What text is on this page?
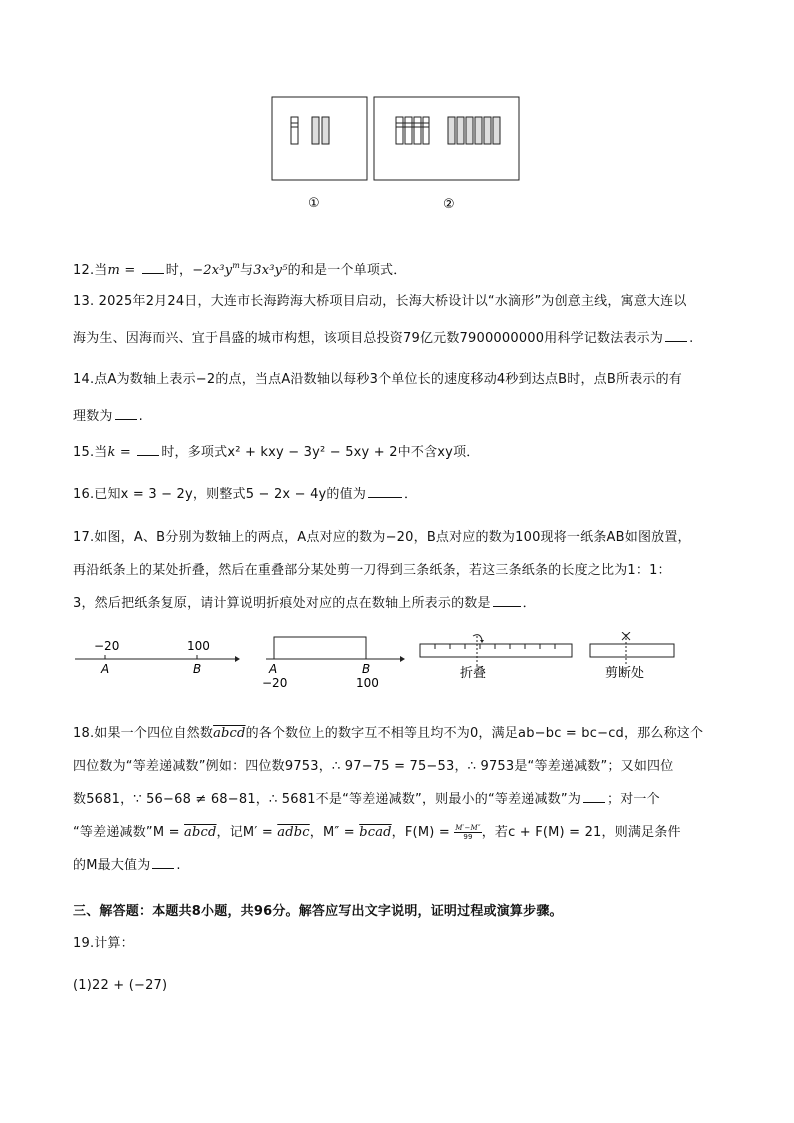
①	②
12.当m = 时，$-2x^3y^m$与3x³y⁵的和是一个单项式．
13. 2025年2月24日，大连市长海跨海大桥项目启动，长海大桥设计以“水滴形”为创意主线，寓意大连以
海为生、因海而兴、宜于昌盛的城市构想，该项目总投资79亿元数7900000000用科学记数法表示为 .
14.点A为数轴上表示−2的点，当点A沿数轴以每秒3个单位长的速度移动4秒到达点B时，点B所表示的有
理数为 .
15.当k = 时，多项式x² + kxy − 3y² − 5xy + 2中不含xy项．
16.已知x = 3 − 2y，则整式5 − 2x − 4y的值为	．
17.如图，A、B分别为数轴上的两点，A点对应的数为−20，B点对应的数为100现将一纸条AB如图放置，
再沿纸条上的某处折叠，然后在重叠部分某处剪一刀得到三条纸条，若这三条纸条的长度之比为1：1：
3，然后把纸条复原，请计算说明折痕处对应的点在数轴上所表示的数是 ．
−20	100
A	B	A	B
−20	100
折叠	剪断处
18.如果一个四位自然数abcd的各个数位上的数字互不相等且均不为0，满足ab−bc = bc−cd，那么称这个
四位数为“等差递减数”例如：四位数9753，∴ 97−75 = 75−53，∴ 9753是“等差递减数”；又如四位
数5681，∵ 56−68 ≠ 68−81，∴ 5681不是“等差递减数”，则最小的“等差递减数”为 ；对一个
“等差递减数”M = abcd，记M′ = adbc，M″ = bcad，$F(M) = \frac{M'-M''}{99}$ ，若c + F(M) = 21，则满足条件
的M最大值为 .
三、解答题：本题共8小题，共96分。解答应写出文字说明，证明过程或演算步骤。
19.计算：
(1)22 + (−27)
